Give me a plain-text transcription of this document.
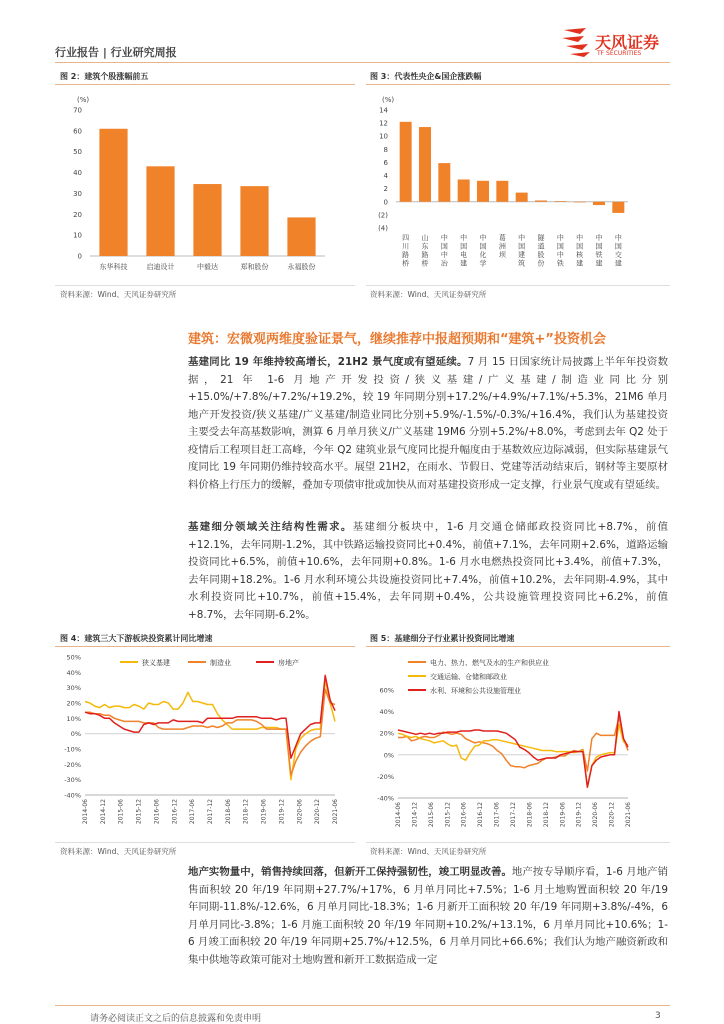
行业报告 | 行业研究周报
天风证券
TF SECURITIES
图 2：建筑个股涨幅前五
(%)
0
10
20
30
40
50
60
70
东华科技	启迪设计	中毅达	郑和股份	永福股份
资料来源：Wind、天风证券研究所
图 3：代表性央企&国企涨跌幅
(%)
(4)
(2)
0
2
4
6
8
10
12
14
四川路桥
山东路桥
中国中冶
中国电建
中国化学
葛洲坝
中国建筑
隧道股份
中国中铁
中国核建
中国铁建
中国交建
资料来源：Wind、天风证券研究所
建筑：宏微观两维度验证景气，继续推荐中报超预期和“建筑+”投资机会
基建同比 19 年维持较高增长，21H2 景气度或有望延续。7 月 15 日国家统计局披露上半年年投资数据，21 年 1-6 月地产开发投资/狭义基建/广义基建/制造业同比分别+15.0%/+7.8%/+7.2%/+19.2%，较 19 年同期分别+17.2%/+4.9%/+7.1%/+5.3%，21M6 单月地产开发投资/狭义基建/广义基建/制造业同比分别+5.9%/-1.5%/-0.3%/+16.4%，我们认为基建投资主要受去年高基数影响，测算 6 月单月狭义/广义基建 19M6 分别+5.2%/+8.0%，考虑到去年 Q2 处于疫情后工程项目赶工高峰，今年 Q2 建筑业景气度同比提升幅度由于基数效应边际减弱，但实际基建景气度同比 19 年同期仍维持较高水平。展望 21H2，在雨水、节假日、党建等活动结束后，钢材等主要原材料价格上行压力的缓解，叠加专项债审批或加快从而对基建投资形成一定支撑，行业景气度或有望延续。
基建细分领域关注结构性需求。基建细分板块中，1-6 月交通仓储邮政投资同比+8.7%，前值+12.1%，去年同期-1.2%，其中铁路运输投资同比+0.4%，前值+7.1%，去年同期+2.6%，道路运输投资同比+6.5%，前值+10.6%，去年同期+0.8%。1-6 月水电燃热投资同比+3.4%，前值+7.3%，去年同期+18.2%。1-6 月水利环境公共设施投资同比+7.4%，前值+10.2%，去年同期-4.9%，其中水利投资同比+10.7%，前值+15.4%，去年同期+0.4%，公共设施管理投资同比+6.2%，前值+8.7%，去年同期-6.2%。
图 4：建筑三大下游板块投资累计同比增速
-40%
-30%
-20%
-10%
0%
10%
20%
30%
40%
50%
2014-06 2014-12 2015-06 2015-12 2016-06 2016-12 2017-06 2017-12 2018-06 2018-12 2019-06 2019-12 2020-06 2020-12 2021-06
狭义基建	制造业	房地产
资料来源：Wind、天风证券研究所
图 5：基建细分子行业累计投资同比增速
-40%
-20%
0%
20%
40%
60%
2014-06 2014-12 2015-06 2015-12 2016-06 2016-12 2017-06 2017-12 2018-06 2018-12 2019-06 2019-12 2020-06 2020-12 2021-06
电力、热力、燃气及水的生产和供应业
交通运输、仓储和邮政业
水利、环境和公共设施管理业
资料来源：Wind、天风证券研究所
地产实物量中，销售持续回落，但新开工保持强韧性，竣工明显改善。地产按专导顺序看，1-6 月地产销售面积较 20 年/19 年同期+27.7%/+17%，6 月单月同比+7.5%；1-6 月土地购置面积较 20 年/19 年同期-11.8%/-12.6%，6 月单月同比-18.3%；1-6 月新开工面积较 20 年/19 年同期+3.8%/-4%，6 月单月同比-3.8%；1-6 月施工面积较 20 年/19 年同期+10.2%/+13.1%，6 月单月同比+10.6%；1-6 月竣工面积较 20 年/19 年同期+25.7%/+12.5%，6 月单月同比+66.6%；我们认为地产融资新政和集中供地等政策可能对土地购置和新开工数据造成一定
请务必阅读正文之后的信息披露和免责申明	3
